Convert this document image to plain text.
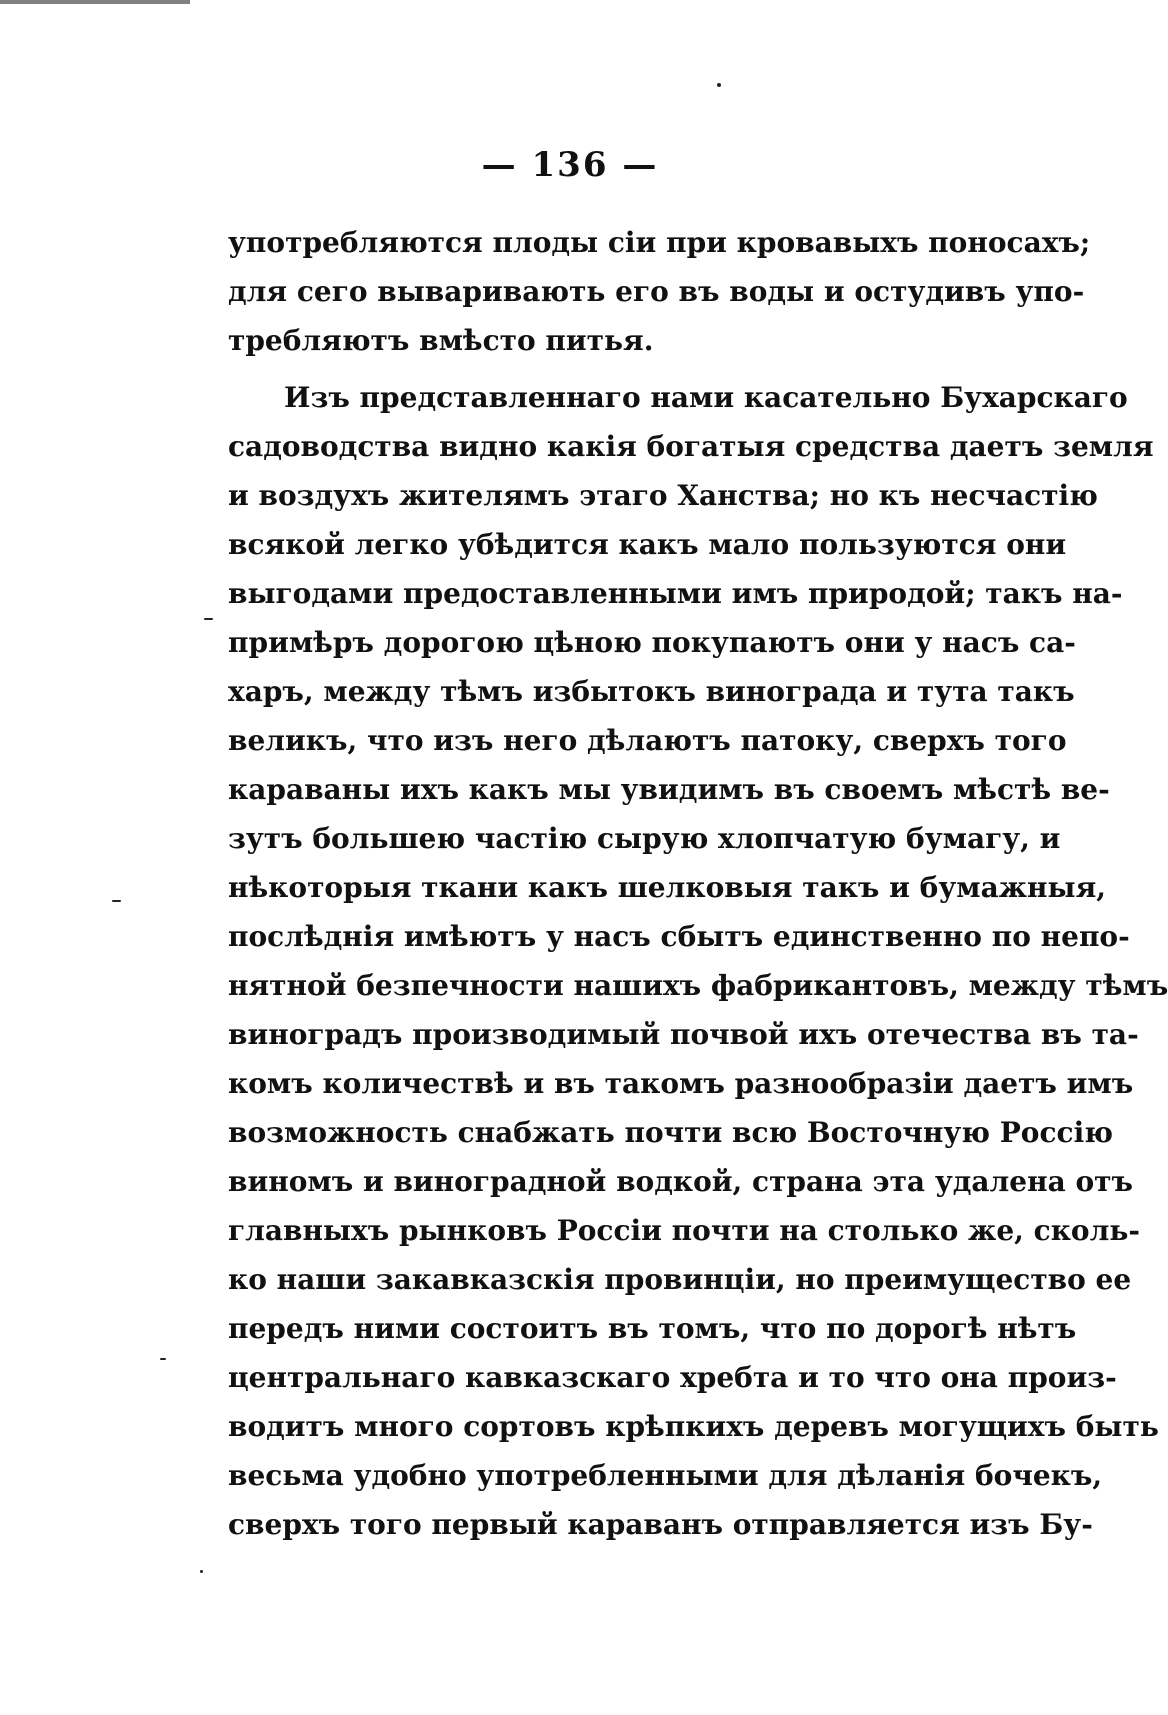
— 136 —
употребляются плоды сіи при кровавыхъ поносахъ;
для сего вываривають его въ воды и остудивъ упо-
требляютъ вмѣсто питья.
Изъ представленнаго нами касательно Бухарскаго
садоводства видно какія богатыя средства даетъ земля
и воздухъ жителямъ этаго Ханства; но къ несчастію
всякой легко убѣдится какъ мало пользуются они
выгодами предоставленными имъ природой; такъ на-
примѣръ дорогою цѣною покупаютъ они у насъ са-
харъ, между тѣмъ избытокъ винограда и тута такъ
великъ, что изъ него дѣлаютъ патоку, сверхъ того
караваны ихъ какъ мы увидимъ въ своемъ мѣстѣ ве-
зутъ большею частію сырую хлопчатую бумагу, и
нѣкоторыя ткани какъ шелковыя такъ и бумажныя,
послѣднія имѣютъ у насъ сбытъ единственно по непо-
нятной безпечности нашихъ фабрикантовъ, между тѣмъ
виноградъ производимый почвой ихъ отечества въ та-
комъ количествѣ и въ такомъ разнообразіи даетъ имъ
возможность снабжать почти всю Восточную Россію
виномъ и виноградной водкой, страна эта удалена отъ
главныхъ рынковъ Россіи почти на столько же, сколь-
ко наши закавказскія провинціи, но преимущество ее
передъ ними состоитъ въ томъ, что по дорогѣ нѣтъ
центральнаго кавказскаго хребта и то что она произ-
водитъ много сортовъ крѣпкихъ деревъ могущихъ быть
весьма удобно употребленными для дѣланія бочекъ,
сверхъ того первый караванъ отправляется изъ Бу-
